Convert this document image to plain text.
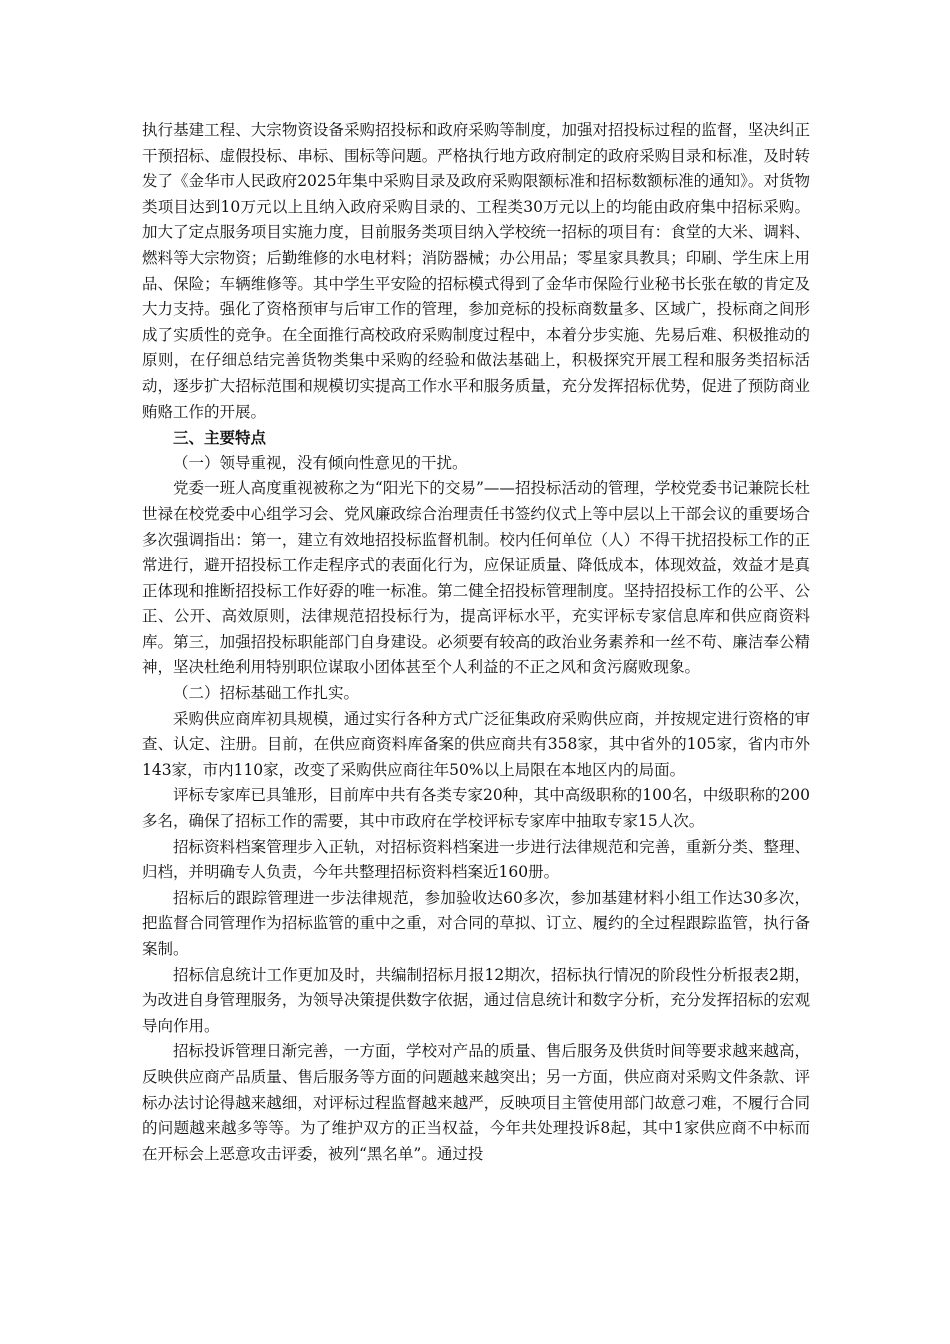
执行基建工程、大宗物资设备采购招投标和政府采购等制度，加强对招投标过程的监督，坚决纠正干预招标、虚假投标、串标、围标等问题。严格执行地方政府制定的政府采购目录和标准，及时转发了《金华市人民政府2025年集中采购目录及政府采购限额标准和招标数额标准的通知》。对货物类项目达到10万元以上且纳入政府采购目录的、工程类30万元以上的均能由政府集中招标采购。加大了定点服务项目实施力度，目前服务类项目纳入学校统一招标的项目有：食堂的大米、调料、燃料等大宗物资；后勤维修的水电材料；消防器械；办公用品；零星家具教具；印刷、学生床上用品、保险；车辆维修等。其中学生平安险的招标模式得到了金华市保险行业秘书长张在敏的肯定及大力支持。强化了资格预审与后审工作的管理，参加竞标的投标商数量多、区域广，投标商之间形成了实质性的竞争。在全面推行高校政府采购制度过程中，本着分步实施、先易后难、积极推动的原则，在仔细总结完善货物类集中采购的经验和做法基础上，积极探究开展工程和服务类招标活动，逐步扩大招标范围和规模切实提高工作水平和服务质量，充分发挥招标优势，促进了预防商业贿赂工作的开展。

三、主要特点

（一）领导重视，没有倾向性意见的干扰。

党委一班人高度重视被称之为“阳光下的交易”——招投标活动的管理，学校党委书记兼院长杜世禄在校党委中心组学习会、党风廉政综合治理责任书签约仪式上等中层以上干部会议的重要场合多次强调指出：第一，建立有效地招投标监督机制。校内任何单位（人）不得干扰招投标工作的正常进行，避开招投标工作走程序式的表面化行为，应保证质量、降低成本，体现效益，效益才是真正体现和推断招投标工作好孬的唯一标准。第二健全招投标管理制度。坚持招投标工作的公平、公正、公开、高效原则，法律规范招投标行为，提高评标水平，充实评标专家信息库和供应商资料库。第三，加强招投标职能部门自身建设。必须要有较高的政治业务素养和一丝不苟、廉洁奉公精神，坚决杜绝利用特别职位谋取小团体甚至个人利益的不正之风和贪污腐败现象。

（二）招标基础工作扎实。

采购供应商库初具规模，通过实行各种方式广泛征集政府采购供应商，并按规定进行资格的审查、认定、注册。目前，在供应商资料库备案的供应商共有358家，其中省外的105家，省内市外143家，市内110家，改变了采购供应商往年50%以上局限在本地区内的局面。

评标专家库已具雏形，目前库中共有各类专家20种，其中高级职称的100名，中级职称的200多名，确保了招标工作的需要，其中市政府在学校评标专家库中抽取专家15人次。

招标资料档案管理步入正轨，对招标资料档案进一步进行法律规范和完善，重新分类、整理、归档，并明确专人负责，今年共整理招标资料档案近160册。

招标后的跟踪管理进一步法律规范，参加验收达60多次，参加基建材料小组工作达30多次，把监督合同管理作为招标监管的重中之重，对合同的草拟、订立、履约的全过程跟踪监管，执行备案制。

招标信息统计工作更加及时，共编制招标月报12期次，招标执行情况的阶段性分析报表2期，为改进自身管理服务，为领导决策提供数字依据，通过信息统计和数字分析，充分发挥招标的宏观导向作用。

招标投诉管理日渐完善，一方面，学校对产品的质量、售后服务及供货时间等要求越来越高，反映供应商产品质量、售后服务等方面的问题越来越突出；另一方面，供应商对采购文件条款、评标办法讨论得越来越细，对评标过程监督越来越严，反映项目主管使用部门故意刁难，不履行合同的问题越来越多等等。为了维护双方的正当权益，今年共处理投诉8起，其中1家供应商不中标而在开标会上恶意攻击评委，被列“黑名单”。通过投
